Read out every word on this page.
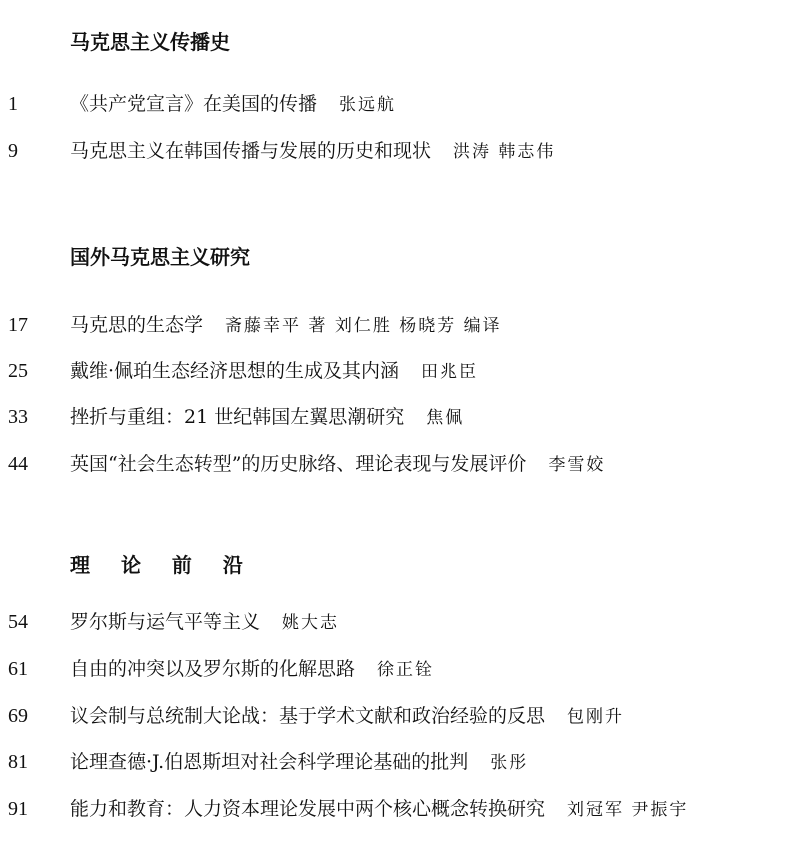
马克思主义传播史
1	《共产党宣言》在美国的传播 张远航
9	马克思主义在韩国传播与发展的历史和现状 洪涛 韩志伟
国外马克思主义研究
17 马克思的生态学 斋藤幸平 著 刘仁胜 杨晓芳 编译
25 戴维·佩珀生态经济思想的生成及其内涵 田兆臣
33 挫折与重组：21 世纪韩国左翼思潮研究 焦佩
44 英国“社会生态转型”的历史脉络、理论表现与发展评价 李雪姣
理 论 前 沿
54 罗尔斯与运气平等主义 姚大志
61 自由的冲突以及罗尔斯的化解思路 徐正铨
69 议会制与总统制大论战：基于学术文献和政治经验的反思 包刚升
81 论理查德·J.伯恩斯坦对社会科学理论基础的批判 张彤
91 能力和教育：人力资本理论发展中两个核心概念转换研究 刘冠军 尹振宇
